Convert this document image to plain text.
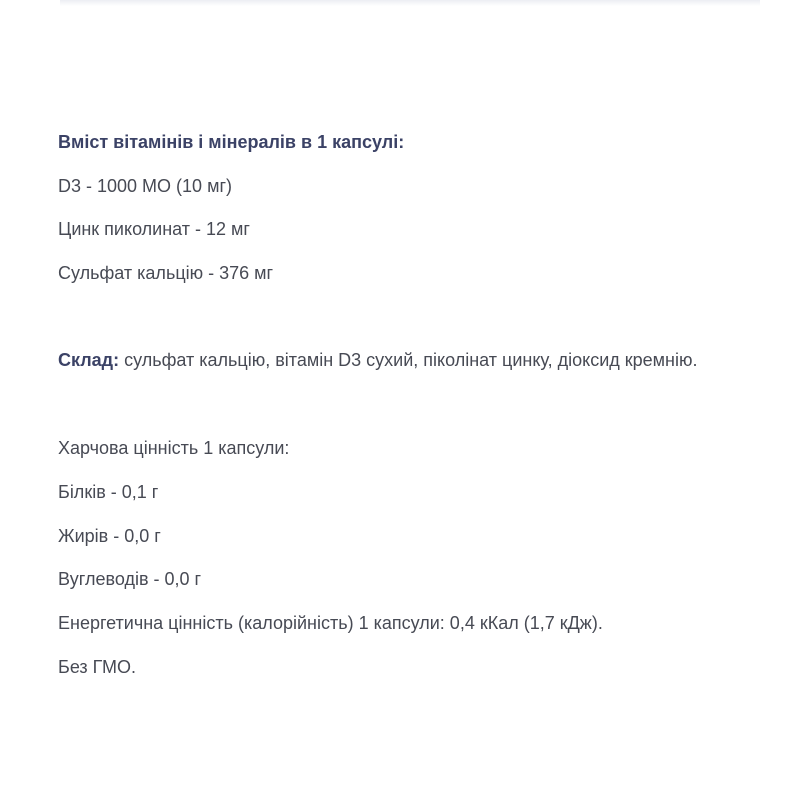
Вміст вітамінів і мінералів в 1 капсулі:
D3 - 1000 МО (10 мг)
Цинк пиколинат - 12 мг
Сульфат кальцію - 376 мг
Склад: сульфат кальцію, вітамін D3 сухий, піколінат цинку, діоксид кремнію.
Харчова цінність 1 капсули:
Білків - 0,1 г
Жирів - 0,0 г
Вуглеводів - 0,0 г
Енергетична цінність (калорійність) 1 капсули: 0,4 кКал (1,7 кДж).
Без ГМО.
